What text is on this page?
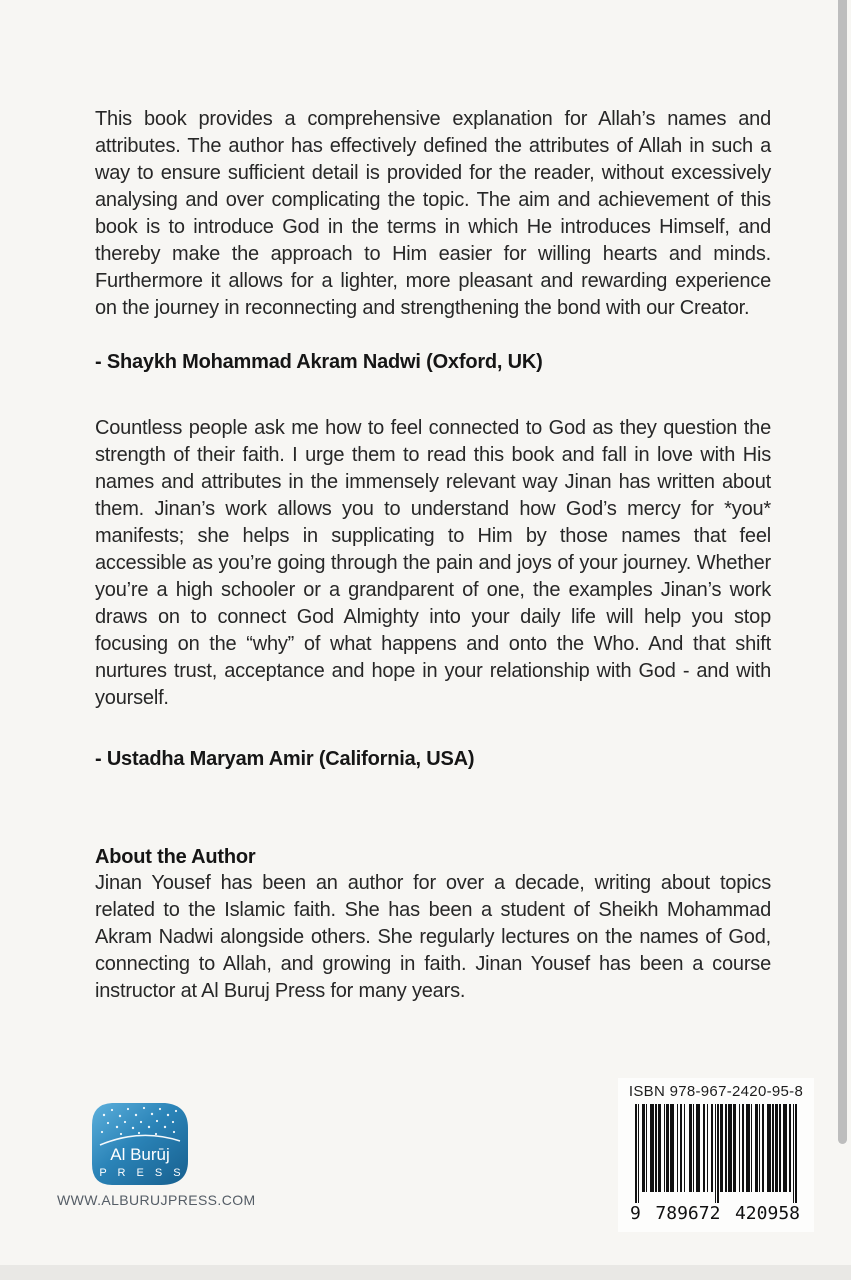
This book provides a comprehensive explanation for Allah’s names and attributes. The author has effectively defined the attributes of Allah in such a way to ensure sufficient detail is provided for the reader, without excessively analysing and over complicating the topic. The aim and achievement of this book is to introduce God in the terms in which He introduces Himself, and thereby make the approach to Him easier for willing hearts and minds. Furthermore it allows for a lighter, more pleasant and rewarding experience on the journey in reconnecting and strengthening the bond with our Creator.

- Shaykh Mohammad Akram Nadwi (Oxford, UK)

Countless people ask me how to feel connected to God as they question the strength of their faith. I urge them to read this book and fall in love with His names and attributes in the immensely relevant way Jinan has written about them. Jinan’s work allows you to understand how God’s mercy for *you* manifests; she helps in supplicating to Him by those names that feel accessible as you’re going through the pain and joys of your journey. Whether you’re a high schooler or a grandparent of one, the examples Jinan’s work draws on to connect God Almighty into your daily life will help you stop focusing on the “why” of what happens and onto the Who. And that shift nurtures trust, acceptance and hope in your relationship with God - and with yourself.

- Ustadha Maryam Amir (California, USA)

About the Author

Jinan Yousef has been an author for over a decade, writing about topics related to the Islamic faith. She has been a student of Sheikh Mohammad Akram Nadwi alongside others. She regularly lectures on the names of God, connecting to Allah, and growing in faith. Jinan Yousef has been a course instructor at Al Buruj Press for many years.

Al Burūj
P R E S S
WWW.ALBURUJPRESS.COM
ISBN 978-967-2420-95-8
9 789672 420958
